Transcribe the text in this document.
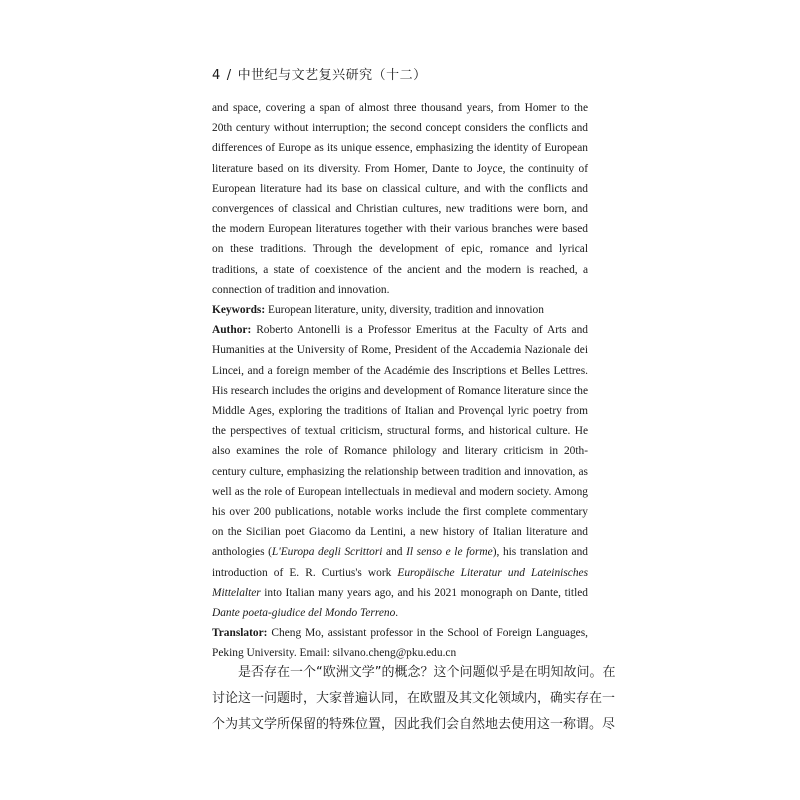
4 / 中世纪与文艺复兴研究（十二）

and space, covering a span of almost three thousand years, from Homer to the 20th century without interruption; the second concept considers the conflicts and differences of Europe as its unique essence, emphasizing the identity of European literature based on its diversity. From Homer, Dante to Joyce, the continuity of European literature had its base on classical culture, and with the conflicts and convergences of classical and Christian cultures, new traditions were born, and the modern European literatures together with their various branches were based on these traditions. Through the development of epic, romance and lyrical traditions, a state of coexistence of the ancient and the modern is reached, a connection of tradition and innovation.

Keywords: European literature, unity, diversity, tradition and innovation

Author: Roberto Antonelli is a Professor Emeritus at the Faculty of Arts and Humanities at the University of Rome, President of the Accademia Nazionale dei Lincei, and a foreign member of the Académie des Inscriptions et Belles Lettres. His research includes the origins and development of Romance literature since the Middle Ages, exploring the traditions of Italian and Provençal lyric poetry from the perspectives of textual criticism, structural forms, and historical culture. He also examines the role of Romance philology and literary criticism in 20th-century culture, emphasizing the relationship between tradition and innovation, as well as the role of European intellectuals in medieval and modern society. Among his over 200 publications, notable works include the first complete commentary on the Sicilian poet Giacomo da Lentini, a new history of Italian literature and anthologies (L'Europa degli Scrittori and Il senso e le forme), his translation and introduction of E. R. Curtius's work Europäische Literatur und Lateinisches Mittelalter into Italian many years ago, and his 2021 monograph on Dante, titled Dante poeta-giudice del Mondo Terreno.

Translator: Cheng Mo, assistant professor in the School of Foreign Languages, Peking University. Email: silvano.cheng@pku.edu.cn

是否存在一个“欧洲文学”的概念？这个问题似乎是在明知故问。在
讨论这一问题时，大家普遍认同，在欧盟及其文化领域内，确实存在一
个为其文学所保留的特殊位置，因此我们会自然地去使用这一称谓。尽
